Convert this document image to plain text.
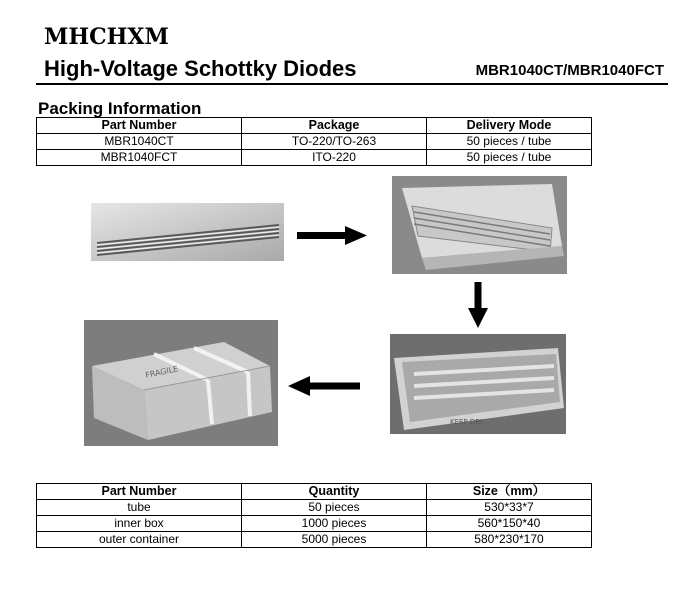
MHCHXM
High-Voltage Schottky Diodes	MBR1040CT/MBR1040FCT
Packing Information
Part Number	Package	Delivery Mode
MBR1040CT	TO-220/TO-263	50 pieces / tube
MBR1040FCT	ITO-220	50 pieces / tube
KEEP DRY
FRAGILE
Part Number	Quantity	Size（mm）
tube	50 pieces	530*33*7
inner box	1000 pieces	560*150*40
outer container	5000 pieces	580*230*170
